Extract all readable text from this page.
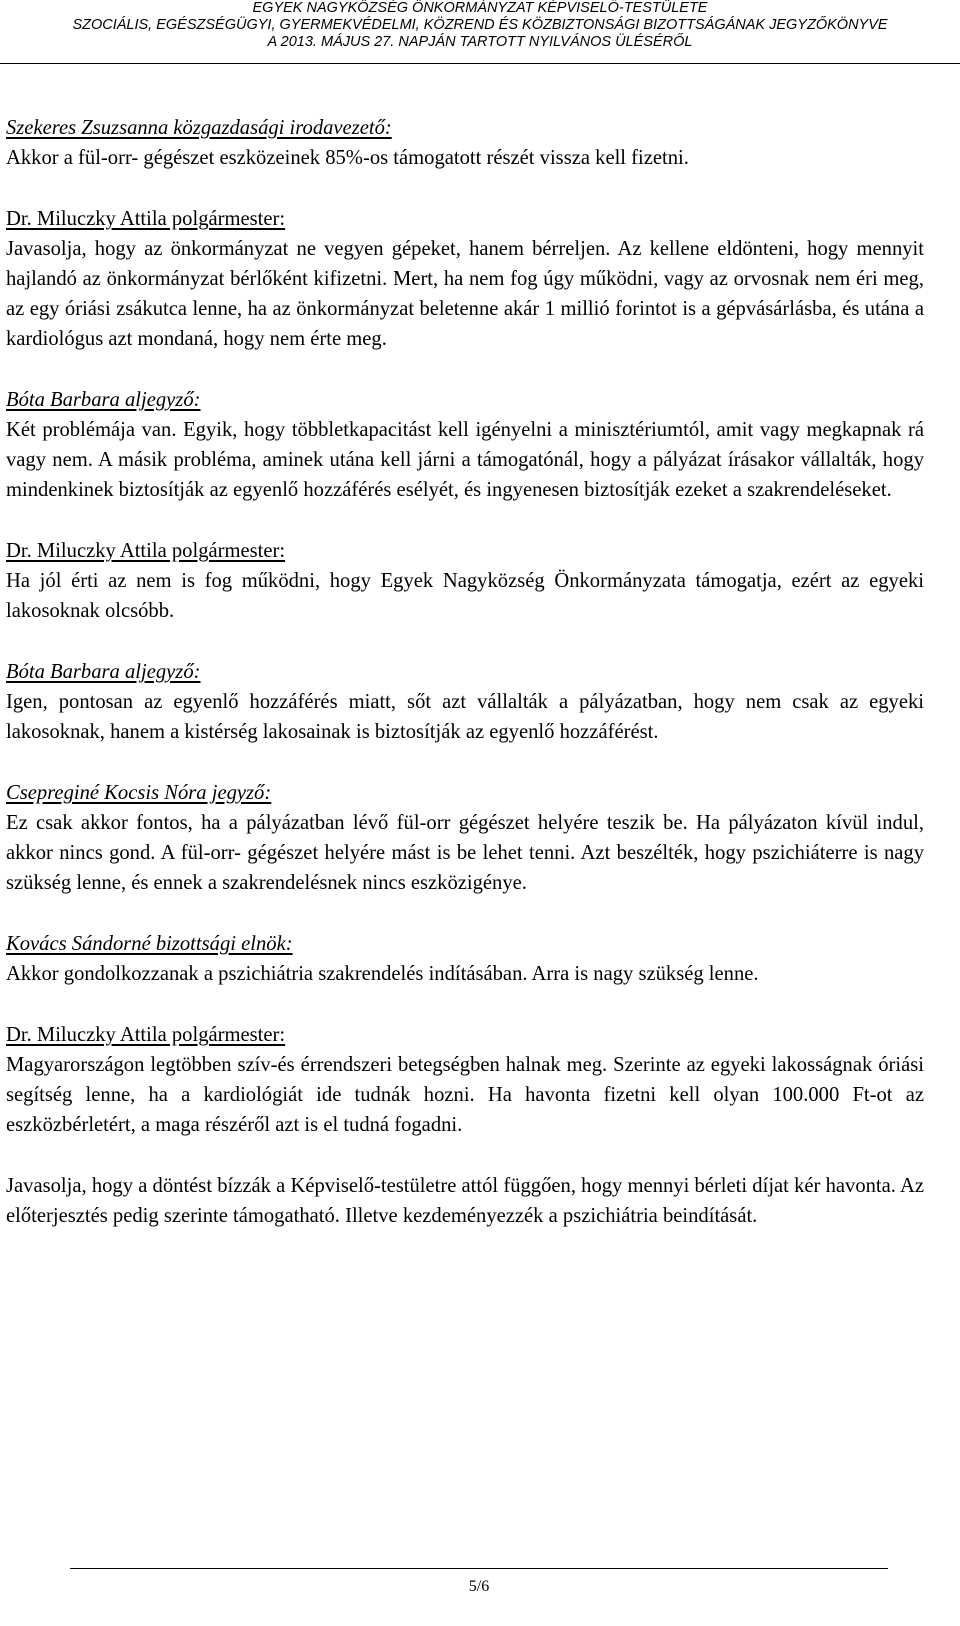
EGYEK NAGYKÖZSÉG ÖNKORMÁNYZAT KÉPVISELŐ-TESTÜLETE
SZOCIÁLIS, EGÉSZSÉGÜGYI, GYERMEKVÉDELMI, KÖZREND ÉS KÖZBIZTONSÁGI BIZOTTSÁGÁNAK JEGYZŐKÖNYVE
A 2013. MÁJUS 27. NAPJÁN TARTOTT NYILVÁNOS ÜLÉSÉRŐL
Szekeres Zsuzsanna közgazdasági irodavezető:

Akkor a fül-orr- gégészet eszközeinek 85%-os támogatott részét vissza kell fizetni.

Dr. Miluczky Attila polgármester:

Javasolja, hogy az önkormányzat ne vegyen gépeket, hanem bérreljen. Az kellene eldönteni, hogy mennyit hajlandó az önkormányzat bérlőként kifizetni. Mert, ha nem fog úgy működni, vagy az orvosnak nem éri meg, az egy óriási zsákutca lenne, ha az önkormányzat beletenne akár 1 millió forintot is a gépvásárlásba, és utána a kardiológus azt mondaná, hogy nem érte meg.

Bóta Barbara aljegyző:

Két problémája van. Egyik, hogy többletkapacitást kell igényelni a minisztériumtól, amit vagy megkapnak rá vagy nem. A másik probléma, aminek utána kell járni a támogatónál, hogy a pályázat írásakor vállalták, hogy mindenkinek biztosítják az egyenlő hozzáférés esélyét, és ingyenesen biztosítják ezeket a szakrendeléseket.

Dr. Miluczky Attila polgármester:

Ha jól érti az nem is fog működni, hogy Egyek Nagyközség Önkormányzata támogatja, ezért az egyeki lakosoknak olcsóbb.

Bóta Barbara aljegyző:

Igen, pontosan az egyenlő hozzáférés miatt, sőt azt vállalták a pályázatban, hogy nem csak az egyeki lakosoknak, hanem a kistérség lakosainak is biztosítják az egyenlő hozzáférést.

Csepreginé Kocsis Nóra jegyző:

Ez csak akkor fontos, ha a pályázatban lévő fül-orr gégészet helyére teszik be. Ha pályázaton kívül indul, akkor nincs gond. A fül-orr- gégészet helyére mást is be lehet tenni. Azt beszélték, hogy pszichiáterre is nagy szükség lenne, és ennek a szakrendelésnek nincs eszközigénye.

Kovács Sándorné bizottsági elnök:

Akkor gondolkozzanak a pszichiátria szakrendelés indításában. Arra is nagy szükség lenne.

Dr. Miluczky Attila polgármester:

Magyarországon legtöbben szív-és érrendszeri betegségben halnak meg. Szerinte az egyeki lakosságnak óriási segítség lenne, ha a kardiológiát ide tudnák hozni. Ha havonta fizetni kell olyan 100.000 Ft-ot az eszközbérletért, a maga részéről azt is el tudná fogadni.

Javasolja, hogy a döntést bízzák a Képviselő-testületre attól függően, hogy mennyi bérleti díjat kér havonta. Az előterjesztés pedig szerinte támogatható. Illetve kezdeményezzék a pszichiátria beindítását.

5/6
